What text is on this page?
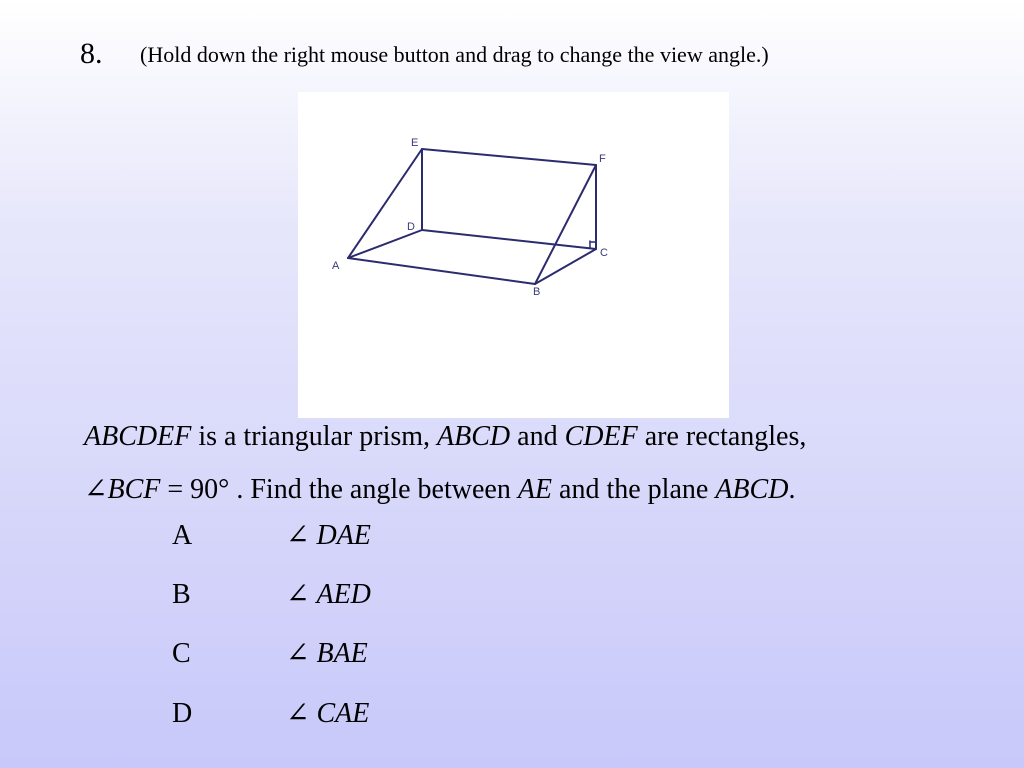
8. (Hold down the right mouse button and drag to change the view angle.)
E
F
D
C
A
B
ABCDEF is a triangular prism, ABCD and CDEF are rectangles,
∠BCF = 90° . Find the angle between AE and the plane ABCD.
A	∠ DAE
B	∠ AED
C	∠ BAE
D	∠ CAE
